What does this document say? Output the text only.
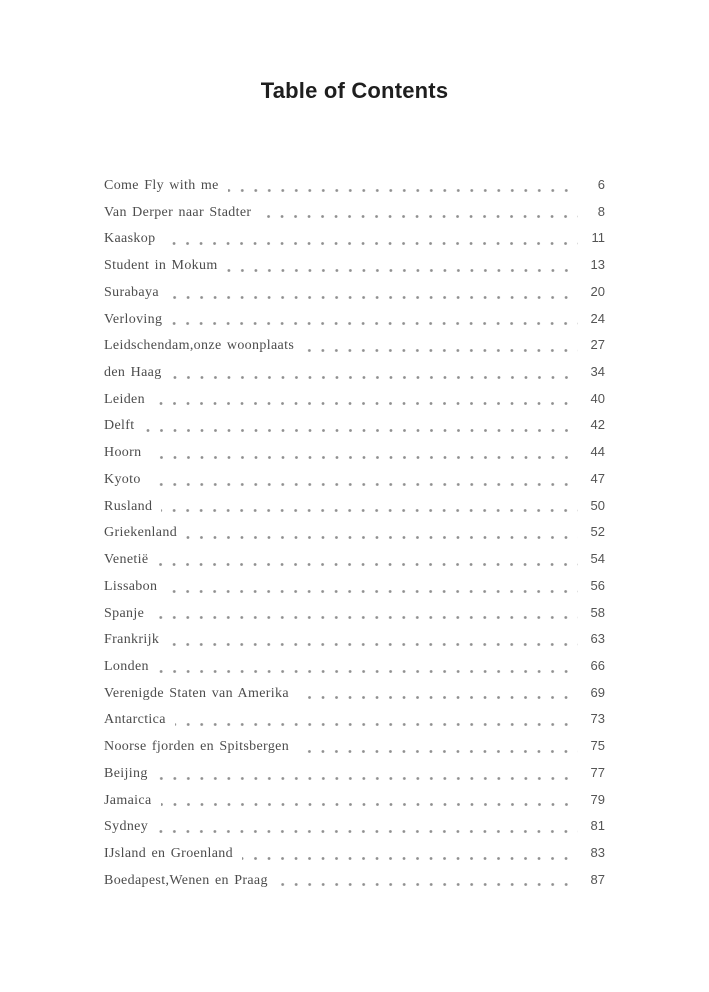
Table of Contents
Come Fly with me	6
Van Derper naar Stadter	8
Kaaskop	11
Student in Mokum	13
Surabaya	20
Verloving	24
Leidschendam,onze woonplaats	27
den Haag	34
Leiden	40
Delft	42
Hoorn	44
Kyoto	47
Rusland	50
Griekenland	52
Venetië	54
Lissabon	56
Spanje	58
Frankrijk	63
Londen	66
Verenigde Staten van Amerika	69
Antarctica	73
Noorse fjorden en Spitsbergen	75
Beijing	77
Jamaica	79
Sydney	81
IJsland en Groenland	83
Boedapest,Wenen en Praag	87
